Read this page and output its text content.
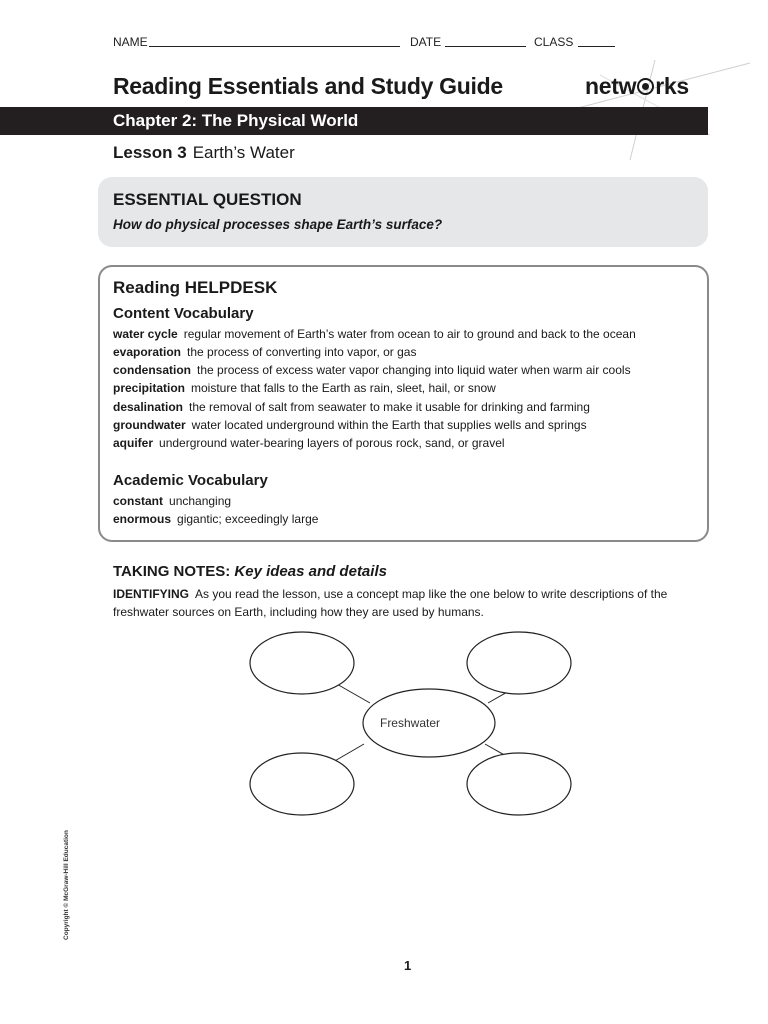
NAME	DATE	CLASS
Reading Essentials and Study Guide	netw rks
Chapter 2: The Physical World
Lesson 3 Earth’s Water
ESSENTIAL QUESTION
How do physical processes shape Earth’s surface?
Reading HELPDESK
Content Vocabulary
water cycle regular movement of Earth’s water from ocean to air to ground and back to the ocean
evaporation the process of converting into vapor, or gas
condensation the process of excess water vapor changing into liquid water when warm air cools
precipitation moisture that falls to the Earth as rain, sleet, hail, or snow
desalination the removal of salt from seawater to make it usable for drinking and farming
groundwater water located underground within the Earth that supplies wells and springs
aquifer underground water-bearing layers of porous rock, sand, or gravel
Academic Vocabulary
constant unchanging
enormous gigantic; exceedingly large
TAKING NOTES: Key ideas and details
IDENTIFYING As you read the lesson, use a concept map like the one below to write descriptions of the freshwater sources on Earth, including how they are used by humans.
Freshwater
Copyright © McGraw-Hill Education
1
